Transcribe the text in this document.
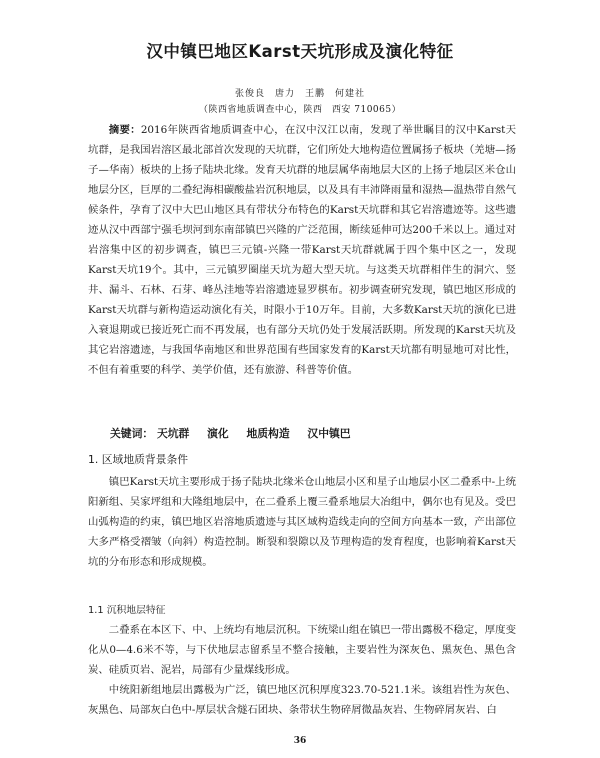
汉中镇巴地区Karst天坑形成及演化特征
张俊良　唐力　王鹏　何建社
（陕西省地质调查中心，陕西　西安 710065）

摘要：2016年陕西省地质调查中心，在汉中汉江以南，发现了举世瞩目的汉中Karst天坑群，是我国岩溶区最北部首次发现的天坑群，它们所处大地构造位置属扬子板块（羌塘—扬子—华南）板块的上扬子陆块北缘。发育天坑群的地层属华南地层大区的上扬子地层区米仓山地层分区，巨厚的二叠纪海相碳酸盐岩沉积地层，以及具有丰沛降雨量和湿热—温热带自然气候条件，孕育了汉中大巴山地区具有带状分布特色的Karst天坑群和其它岩溶遗迹等。这些遗迹从汉中西部宁强毛坝河到东南部镇巴兴隆的广泛范围，断续延伸可达200千米以上。通过对岩溶集中区的初步调查，镇巴三元镇-兴隆一带Karst天坑群就属于四个集中区之一，发现Karst天坑19个。其中，三元镇罗圈崖天坑为超大型天坑。与这类天坑群相伴生的洞穴、竖井、漏斗、石林、石芽、峰丛洼地等岩溶遗迹显罗棋布。初步调查研究发现，镇巴地区形成的Karst天坑群与新构造运动演化有关，时限小于10万年。目前，大多数Karst天坑的演化已进入衰退期或已接近死亡而不再发展，也有部分天坑仍处于发展活跃期。所发现的Karst天坑及其它岩溶遗迹，与我国华南地区和世界范围有些国家发育的Karst天坑都有明显地可对比性，不但有着重要的科学、美学价值，还有旅游、科普等价值。

关键词： 天坑群 演化 地质构造 汉中镇巴
1. 区域地质背景条件

镇巴Karst天坑主要形成于扬子陆块北缘米仓山地层小区和星子山地层小区二叠系中-上统阳新组、吴家坪组和大隆组地层中，在二叠系上覆三叠系地层大冶组中，偶尔也有见及。受巴山弧构造的约束，镇巴地区岩溶地质遗迹与其区域构造线走向的空间方向基本一致，产出部位大多严格受褶皱（向斜）构造控制。断裂和裂隙以及节理构造的发育程度，也影响着Karst天坑的分布形态和形成规模。

1.1 沉积地层特征

二叠系在本区下、中、上统均有地层沉积。下统梁山组在镇巴一带出露极不稳定，厚度变化从0—4.6米不等，与下伏地层志留系呈不整合接触，主要岩性为深灰色、黑灰色、黑色含炭、硅质页岩、泥岩，局部有少量煤线形成。

中统阳新组地层出露极为广泛，镇巴地区沉积厚度323.70-521.1米。该组岩性为灰色、灰黑色、局部灰白色中-厚层状含燧石团块、条带状生物碎屑微晶灰岩、生物碎屑灰岩、白

36
